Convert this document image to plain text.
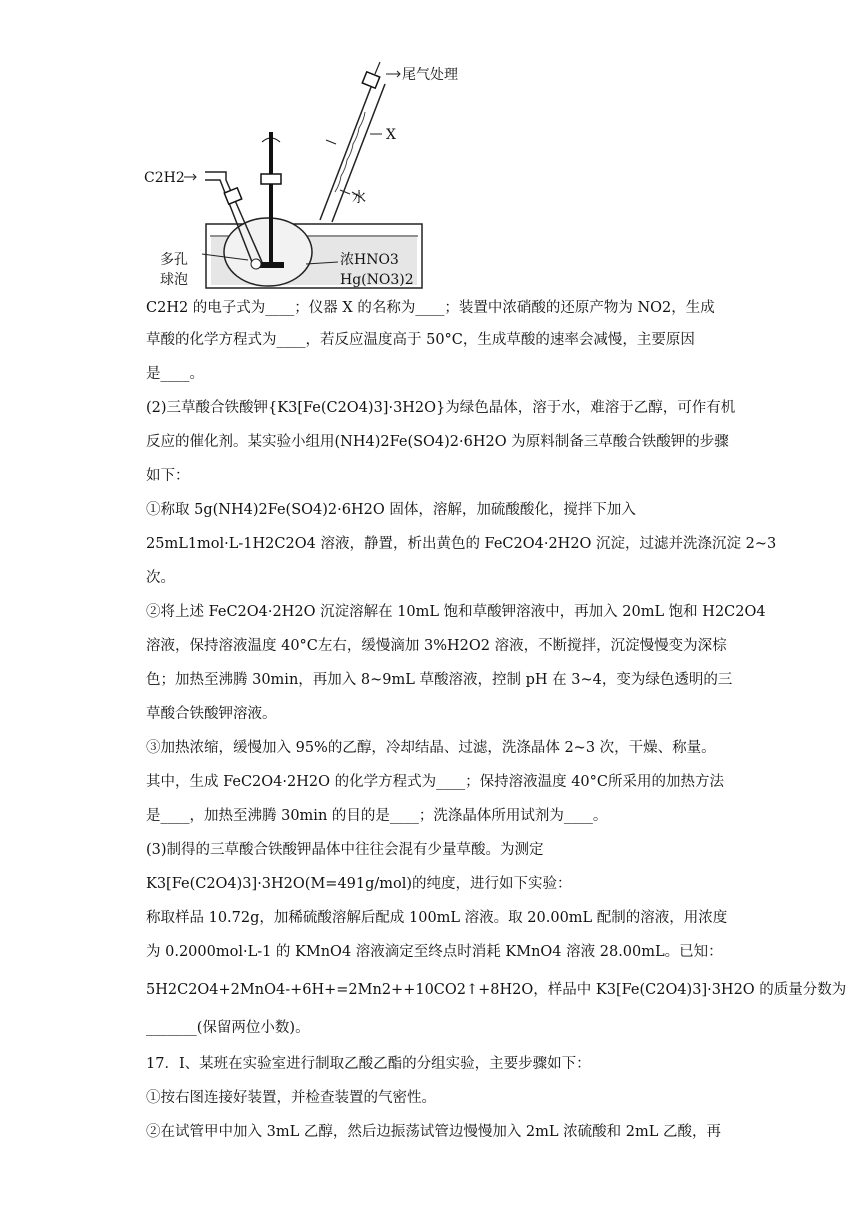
尾气处理
X
水
C2H2
多孔
球泡
浓HNO3
Hg(NO3)2
C2H2 的电子式为____；仪器 X 的名称为____；装置中浓硝酸的还原产物为 NO2，生成
草酸的化学方程式为____，若反应温度高于 50°C，生成草酸的速率会减慢，主要原因
是____。
(2)三草酸合铁酸钾{K3[Fe(C2O4)3]·3H2O}为绿色晶体，溶于水，难溶于乙醇，可作有机
反应的催化剂。某实验小组用(NH4)2Fe(SO4)2·6H2O 为原料制备三草酸合铁酸钾的步骤
如下：
①称取 5g(NH4)2Fe(SO4)2·6H2O 固体，溶解，加硫酸酸化，搅拌下加入
25mL1mol·L-1H2C2O4 溶液，静置，析出黄色的 FeC2O4·2H2O 沉淀，过滤并洗涤沉淀 2~3
次。
②将上述 FeC2O4·2H2O 沉淀溶解在 10mL 饱和草酸钾溶液中，再加入 20mL 饱和 H2C2O4
溶液，保持溶液温度 40°C左右，缓慢滴加 3%H2O2 溶液，不断搅拌，沉淀慢慢变为深棕
色；加热至沸腾 30min，再加入 8~9mL 草酸溶液，控制 pH 在 3~4，变为绿色透明的三
草酸合铁酸钾溶液。
③加热浓缩，缓慢加入 95%的乙醇，冷却结晶、过滤，洗涤晶体 2~3 次，干燥、称量。
其中，生成 FeC2O4·2H2O 的化学方程式为____；保持溶液温度 40°C所采用的加热方法
是____，加热至沸腾 30min 的目的是____；洗涤晶体所用试剂为____。
(3)制得的三草酸合铁酸钾晶体中往往会混有少量草酸。为测定
K3[Fe(C2O4)3]·3H2O(M=491g/mol)的纯度，进行如下实验：
称取样品 10.72g，加稀硫酸溶解后配成 100mL 溶液。取 20.00mL 配制的溶液，用浓度
为 0.2000mol·L-1 的 KMnO4 溶液滴定至终点时消耗 KMnO4 溶液 28.00mL。已知：
5H2C2O4+2MnO4-+6H+=2Mn2++10CO2↑+8H2O，样品中 K3[Fe(C2O4)3]·3H2O 的质量分数为
_______(保留两位小数)。
17．I、某班在实验室进行制取乙酸乙酯的分组实验，主要步骤如下：
①按右图连接好装置，并检查装置的气密性。
②在试管甲中加入 3mL 乙醇，然后边振荡试管边慢慢加入 2mL 浓硫酸和 2mL 乙酸，再
